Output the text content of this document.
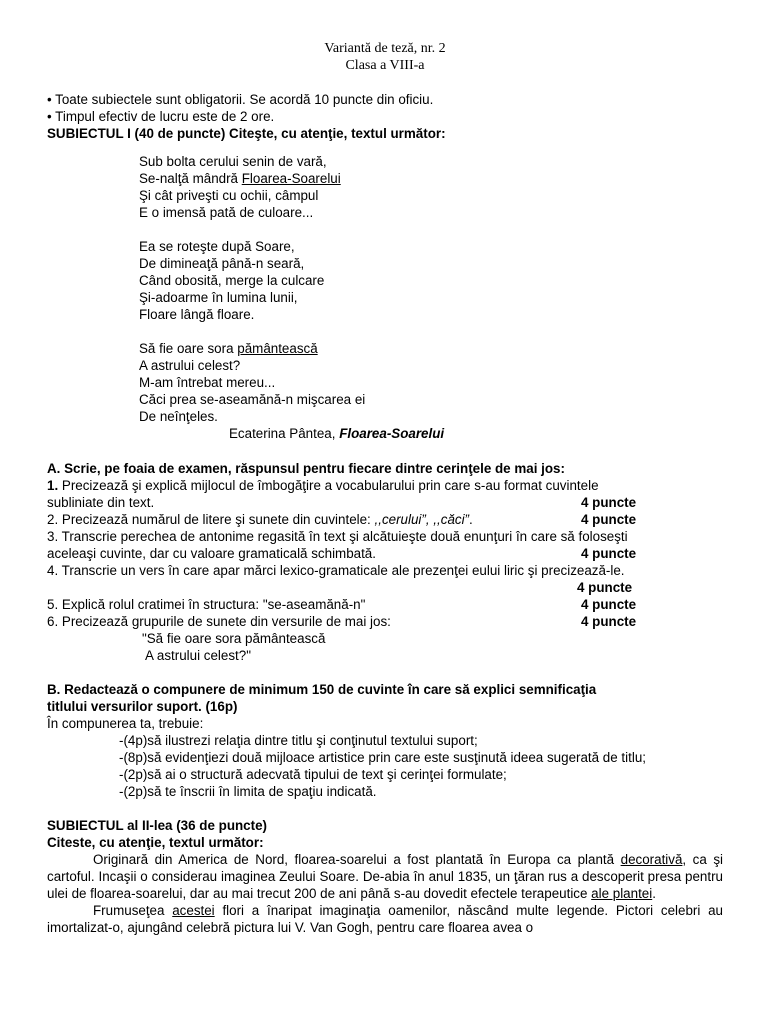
Variantă de teză, nr. 2
Clasa a VIII-a
• Toate subiectele sunt obligatorii. Se acordă 10 puncte din oficiu.
• Timpul efectiv de lucru este de 2 ore.
SUBIECTUL I (40 de puncte) Citeşte, cu atenţie, textul următor:
Sub bolta cerului senin de vară,
Se-nalţă mândră Floarea-Soarelui
Şi cât priveşti cu ochii, câmpul
E o imensă pată de culoare...
Ea se roteşte după Soare,
De dimineaţă până-n seară,
Când obosită, merge la culcare
Şi-adoarme în lumina lunii,
Floare lângă floare.
Să fie oare sora pământească
A astrului celest?
M-am întrebat mereu...
Căci prea se-aseamănă-n mişcarea ei
De neînţeles.
Ecaterina Pântea, Floarea-Soarelui
A. Scrie, pe foaia de examen, răspunsul pentru fiecare dintre cerinţele de mai jos:
1. Precizează şi explică mijlocul de îmbogăţire a vocabularului prin care s-au format cuvintele
subliniate din text.	4 puncte
2. Precizează numărul de litere şi sunete din cuvintele: ,,cerului”, ,,căci”.	4 puncte
3. Transcrie perechea de antonime regasită în text şi alcătuieşte două enunţuri în care să foloseşti
aceleaşi cuvinte, dar cu valoare gramaticală schimbată.	4 puncte
4. Transcrie un vers în care apar mărci lexico-gramaticale ale prezenţei eului liric şi precizează-le.
4 puncte
5. Explică rolul cratimei în structura: "se-aseamănă-n"	4 puncte
6. Precizează grupurile de sunete din versurile de mai jos:	4 puncte
"Să fie oare sora pământească
A astrului celest?"
B. Redactează o compunere de minimum 150 de cuvinte în care să explici semnificaţia
titlului versurilor suport. (16p)
În compunerea ta, trebuie:
-(4p)să ilustrezi relaţia dintre titlu şi conţinutul textului suport;
-(8p)să evidenţiezi două mijloace artistice prin care este susţinută ideea sugerată de titlu;
-(2p)să ai o structură adecvată tipului de text şi cerinţei formulate;
-(2p)să te înscrii în limita de spaţiu indicată.
SUBIECTUL al II-lea (36 de puncte)
Citeste, cu atenţie, textul următor:
Originară din America de Nord, floarea-soarelui a fost plantată în Europa ca plantă decorativă, ca şi cartoful. Incaşii o considerau imaginea Zeului Soare. De-abia în anul 1835, un ţăran rus a descoperit presa pentru ulei de floarea-soarelui, dar au mai trecut 200 de ani până s-au dovedit efectele terapeutice ale plantei.
Frumuseţea acestei flori a înaripat imaginaţia oamenilor, născând multe legende. Pictori celebri au imortalizat-o, ajungând celebră pictura lui V. Van Gogh, pentru care floarea avea o
